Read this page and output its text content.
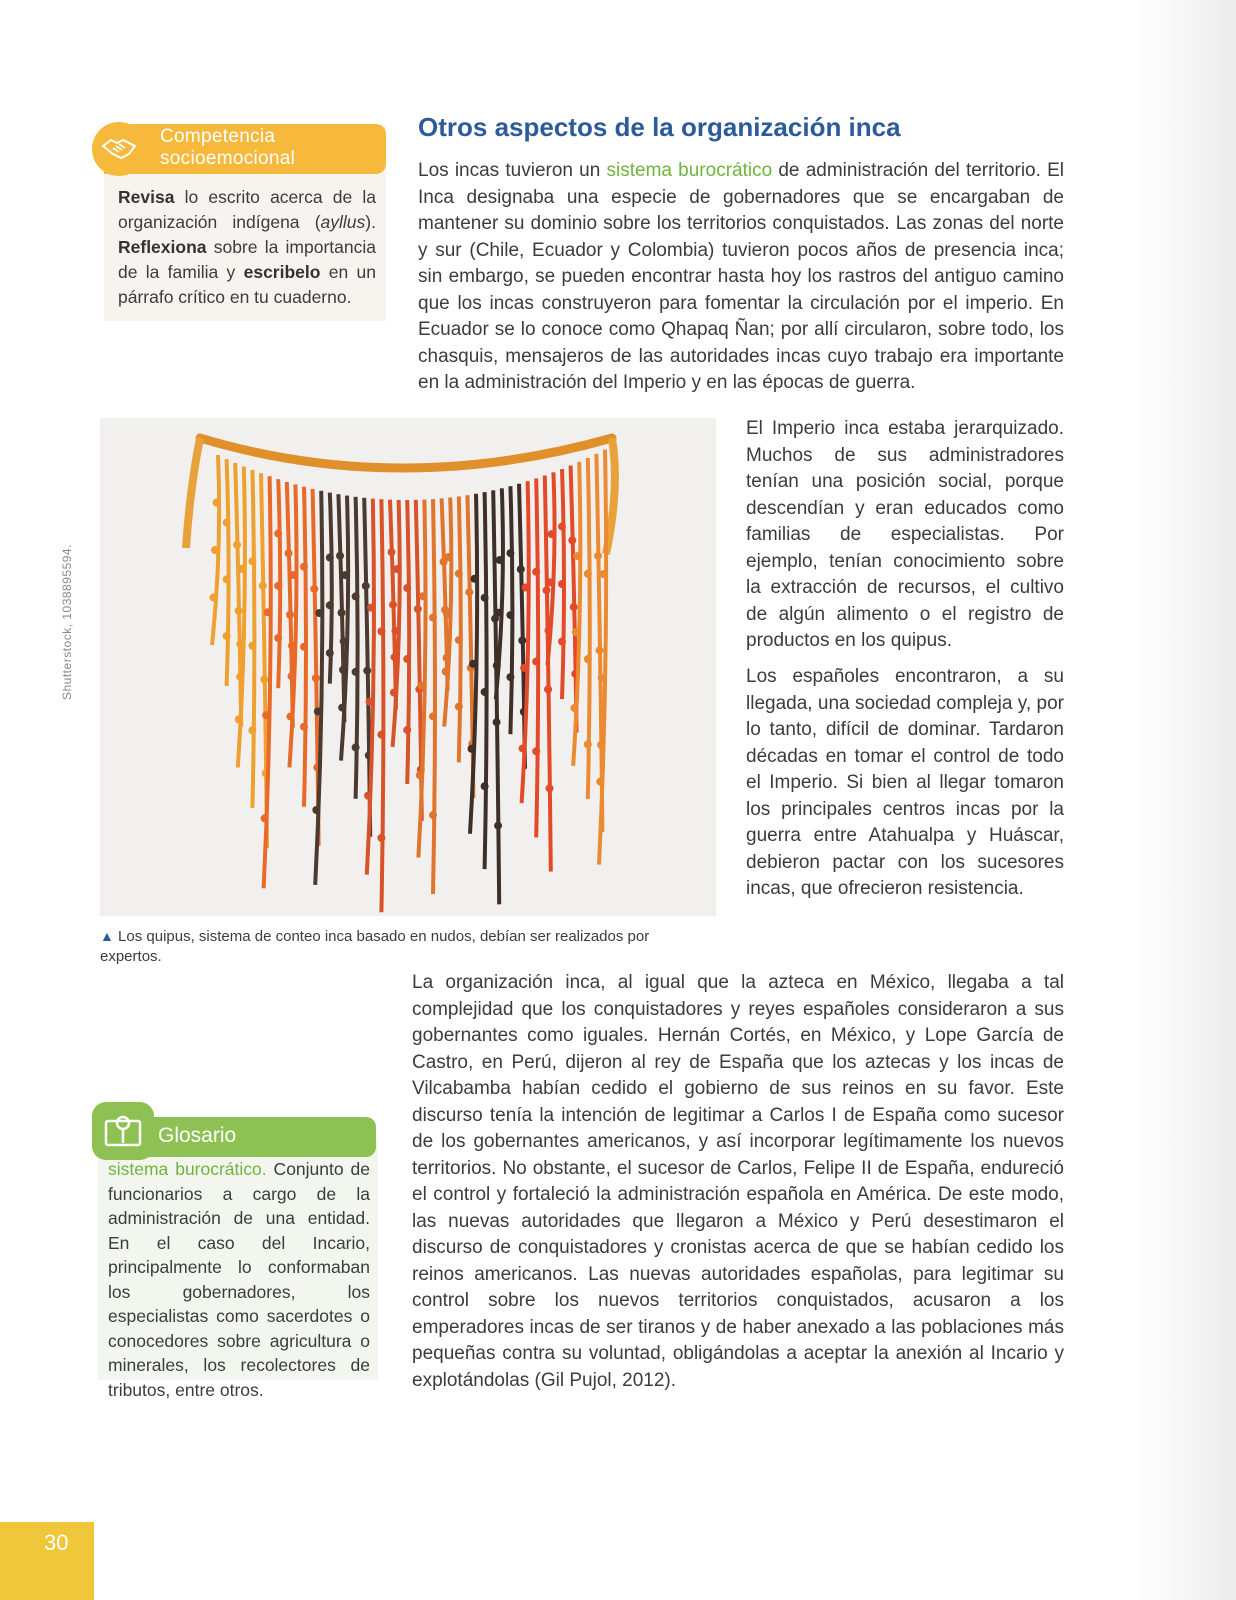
Competencia
socioemocional
Revisa lo escrito acerca de la organización indígena (ayllus). Reflexiona sobre la importancia de la familia y escribelo en un párrafo crítico en tu cuaderno.
Otros aspectos de la organización inca
Los incas tuvieron un sistema burocrático de administración del territorio. El Inca designaba una especie de gobernadores que se encargaban de mantener su dominio sobre los territorios conquistados. Las zonas del norte y sur (Chile, Ecuador y Colombia) tuvieron pocos años de presencia inca; sin embargo, se pueden encontrar hasta hoy los rastros del antiguo camino que los incas construyeron para fomentar la circulación por el imperio. En Ecuador se lo conoce como Qhapaq Ñan; por allí circularon, sobre todo, los chasquis, mensajeros de las autoridades incas cuyo trabajo era importante en la administración del Imperio y en las épocas de guerra.
Shutterstock, 1038895594.
▲ Los quipus, sistema de conteo inca basado en nudos, debían ser realizados por expertos.
El Imperio inca estaba jerarquizado. Muchos de sus administradores tenían una posición social, porque descendían y eran educados como familias de especialistas. Por ejemplo, tenían conocimiento sobre la extracción de recursos, el cultivo de algún alimento o el registro de productos en los quipus.
Los españoles encontraron, a su llegada, una sociedad compleja y, por lo tanto, difícil de dominar. Tardaron décadas en tomar el control de todo el Imperio. Si bien al llegar tomaron los principales centros incas por la guerra entre Atahualpa y Huáscar, debieron pactar con los sucesores incas, que ofrecieron resistencia.
La organización inca, al igual que la azteca en México, llegaba a tal complejidad que los conquistadores y reyes españoles consideraron a sus gobernantes como iguales. Hernán Cortés, en México, y Lope García de Castro, en Perú, dijeron al rey de España que los aztecas y los incas de Vilcabamba habían cedido el gobierno de sus reinos en su favor. Este discurso tenía la intención de legitimar a Carlos I de España como sucesor de los gobernantes americanos, y así incorporar legítimamente los nuevos territorios. No obstante, el sucesor de Carlos, Felipe II de España, endureció el control y fortaleció la administración española en América. De este modo, las nuevas autoridades que llegaron a México y Perú desestimaron el discurso de conquistadores y cronistas acerca de que se habían cedido los reinos americanos. Las nuevas autoridades españolas, para legitimar su control sobre los nuevos territorios conquistados, acusaron a los emperadores incas de ser tiranos y de haber anexado a las poblaciones más pequeñas contra su voluntad, obligándolas a aceptar la anexión al Incario y explotándolas (Gil Pujol, 2012).
Glosario
sistema burocrático. Conjunto de funcionarios a cargo de la administración de una entidad. En el caso del Incario, principalmente lo conformaban los gobernadores, los especialistas como sacerdotes o conocedores sobre agricultura o minerales, los recolectores de tributos, entre otros.
30
